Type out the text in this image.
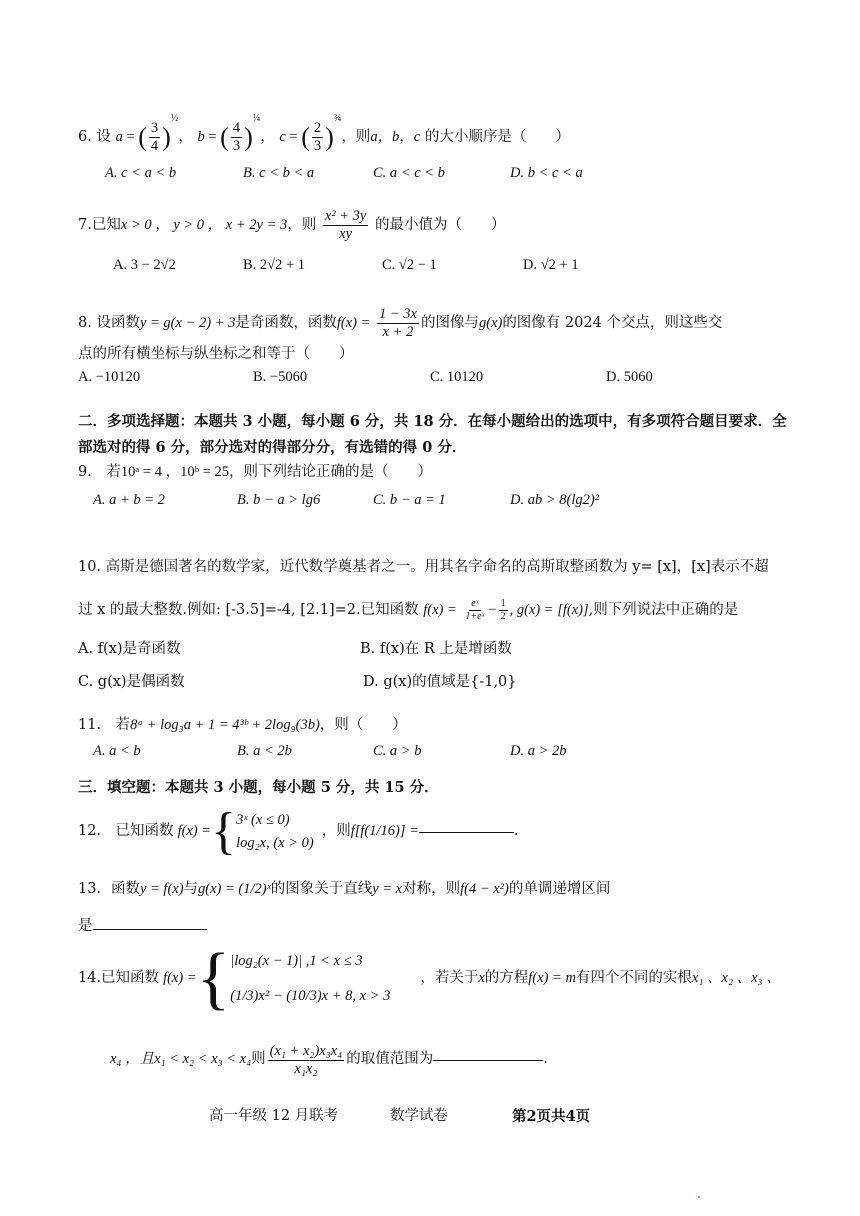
6. 设 a = ( $\frac{3}{4} )^{\frac{1}{2}}$， b = ( $\frac{4}{3} )^{\frac{1}{4}}$， c = ( $\frac{2}{3} )^{\frac{3}{4}}$，则a，b，c 的大小顺序是（　　）
A. c < a < b	B. c < b < a	C. a < c < b	D. b < c < a
7.已知x > 0 ， y > 0 ， x + 2y = 3，则 $\frac{\text{x² + 3y}}{xy}$ 的最小值为（　　）
A. 3 − 2√2	B. 2√2 + 1	C. √2 − 1	D. √2 + 1
8. 设函数y = g(x − 2) + 3是奇函数，函数$f(x) = \frac{1 - 3x}{x + 2}$ 的图像与g(x)的图像有 2024 个交点，则这些交
点的所有横坐标与纵坐标之和等于（　　）
A. −10120	B. −5060	C. 10120	D. 5060
二．多项选择题：本题共 3 小题，每小题 6 分，共 18 分．在每小题给出的选项中，有多项符合题目要求．全
部选对的得 6 分，部分选对的得部分分，有选错的得 0 分．
9.　若10ᵃ = 4 ，10ᵇ = 25，则下列结论正确的是（　　）
A. a + b = 2	B. b − a > lg6	C. b − a = 1	D. ab > 8(lg2)²
10. 高斯是德国著名的数学家，近代数学奠基者之一。用其名字命名的高斯取整函数为 y= [x]，[x]表示不超
过 x 的最大整数.例如: [-3.5]=-4, [2.1]=2.已知函数 $f(x) = \frac{\text{eˣ}}{\text{1+eˣ}} - \frac{1}{2}$ , g(x) = [f(x)],则下列说法中正确的是
A. f(x)是奇函数	B. f(x)在 R 上是增函数
C. g(x)是偶函数	D. g(x)的值域是{-1,0}
11.　若8ᵃ + log₃a + 1 = 4³ᵇ + 2log₉(3b)，则（　　）
A. a < b	B. a < 2b	C. a > b	D. a > 2b
三．填空题：本题共 3 小题，每小题 5 分，共 15 分．
12.　已知函数 f(x) = { 3ˣ (x ≤ 0)
log₂x, (x > 0)
，则 f[f(1/16)] =	.
13．函数y = f(x)与g(x) = (1/2)ˣ的图象关于直线y = x对称，则f(4 − x²)的单调递增区间
是
14.已知函数 f(x) = { |log₂(x − 1)| ,1 < x ≤ 3
(1/3)x² − (10/3)x + 8, x > 3
，若关于 x 的方程 f(x) = m 有四个不同的实根 x₁ 、x₂ 、x₃ 、
x₄ ，且 x₁ < x₂ < x₃ < x₄ 则 $\frac{\text{(x₁ + x₂)x₃x₄}}{\text{x₁x₂}}$ 的取值范围为	.
高一年级 12 月联考	数学试卷	第2页共4页
